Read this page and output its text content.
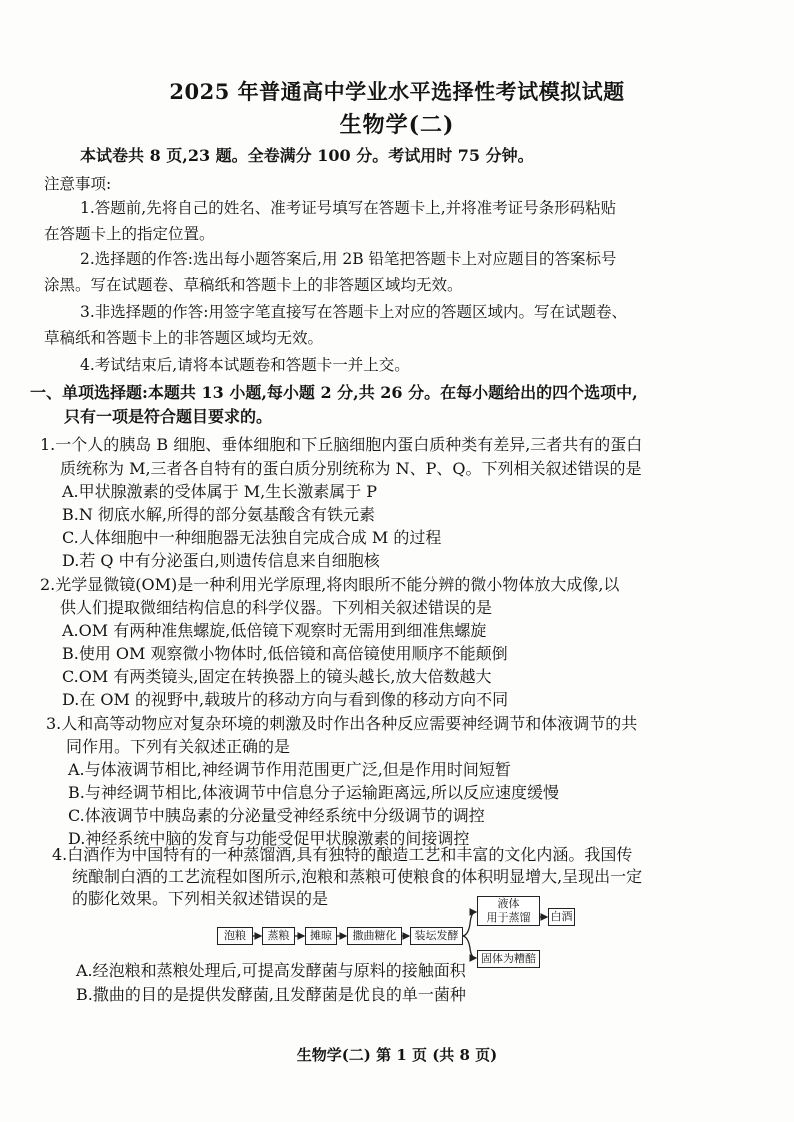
2025 年普通高中学业水平选择性考试模拟试题
生物学(二)
本试卷共 8 页,23 题。全卷满分 100 分。考试用时 75 分钟。
注意事项:
1.答题前,先将自己的姓名、准考证号填写在答题卡上,并将准考证号条形码粘贴
在答题卡上的指定位置。
2.选择题的作答:选出每小题答案后,用 2B 铅笔把答题卡上对应题目的答案标号
涂黑。写在试题卷、草稿纸和答题卡上的非答题区域均无效。
3.非选择题的作答:用签字笔直接写在答题卡上对应的答题区域内。写在试题卷、
草稿纸和答题卡上的非答题区域均无效。
4.考试结束后,请将本试题卷和答题卡一并上交。
一、单项选择题:本题共 13 小题,每小题 2 分,共 26 分。在每小题给出的四个选项中,
只有一项是符合题目要求的。
1.一个人的胰岛 B 细胞、垂体细胞和下丘脑细胞内蛋白质种类有差异,三者共有的蛋白
质统称为 M,三者各自特有的蛋白质分别统称为 N、P、Q。下列相关叙述错误的是
A.甲状腺激素的受体属于 M,生长激素属于 P
B.N 彻底水解,所得的部分氨基酸含有铁元素
C.人体细胞中一种细胞器无法独自完成合成 M 的过程
D.若 Q 中有分泌蛋白,则遗传信息来自细胞核
2.光学显微镜(OM)是一种利用光学原理,将肉眼所不能分辨的微小物体放大成像,以
供人们提取微细结构信息的科学仪器。下列相关叙述错误的是
A.OM 有两种准焦螺旋,低倍镜下观察时无需用到细准焦螺旋
B.使用 OM 观察微小物体时,低倍镜和高倍镜使用顺序不能颠倒
C.OM 有两类镜头,固定在转换器上的镜头越长,放大倍数越大
D.在 OM 的视野中,载玻片的移动方向与看到像的移动方向不同
3.人和高等动物应对复杂环境的刺激及时作出各种反应需要神经调节和体液调节的共
同作用。下列有关叙述正确的是
A.与体液调节相比,神经调节作用范围更广泛,但是作用时间短暂
B.与神经调节相比,体液调节中信息分子运输距离远,所以反应速度缓慢
C.体液调节中胰岛素的分泌量受神经系统中分级调节的调控
D.神经系统中脑的发育与功能受促甲状腺激素的间接调控
4.白酒作为中国特有的一种蒸馏酒,具有独特的酿造工艺和丰富的文化内涵。我国传
统酿制白酒的工艺流程如图所示,泡粮和蒸粮可使粮食的体积明显增大,呈现出一定
泡粮	蒸粮	摊晾	撒曲糖化	装坛发酵
液体
用于蒸馏	白酒
固体为糟醅
A.经泡粮和蒸粮处理后,可提高发酵菌与原料的接触面积
B.撒曲的目的是提供发酵菌,且发酵菌是优良的单一菌种
生物学(二) 第 1 页 (共 8 页)
的膨化效果。下列相关叙述错误的是
